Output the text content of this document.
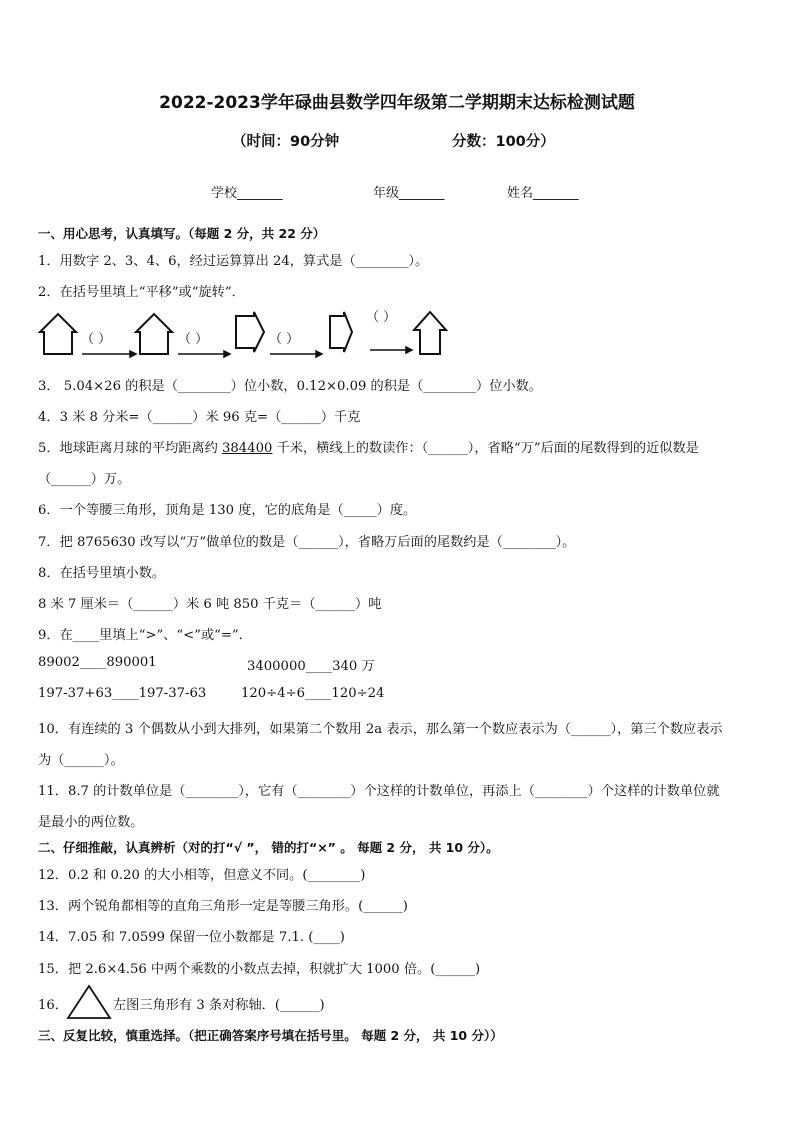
2022-2023学年碌曲县数学四年级第二学期期末达标检测试题
（时间：90分钟	分数：100分）
学校_______	年级_______	姓名_______
一、用心思考，认真填写。（每题 2 分，共 22 分）
1．用数字 2、3、4、6，经过运算算出 24，算式是（________）。
2．在括号里填上“平移”或“旋转”．
（ ）	（ ）	（ ）
（ ）
3． 5.04×26 的积是（________）位小数，0.12×0.09 的积是（________）位小数。
4．3 米 8 分米=（______）米 96 克=（______）千克
5．地球距离月球的平均距离约 384400 千米，横线上的数读作：（______），省略“万”后面的尾数得到的近似数是
（______）万。
6．一个等腰三角形，顶角是 130 度，它的底角是（_____）度。
7．把 8765630 改写以“万”做单位的数是（______），省略万后面的尾数约是（________）。
8．在括号里填小数。
8 米 7 厘米＝（______）米 6 吨 850 千克＝（______）吨
9．在____里填上“>”、“<”或“=”．
89002____890001	3400000____340 万
197-37+63____197-37-63	120÷4÷6____120÷24
10．有连续的 3 个偶数从小到大排列，如果第二个数用 2a 表示，那么第一个数应表示为（______），第三个数应表示
为（______）。
11．8.7 的计数单位是（________），它有（________）个这样的计数单位，再添上（________）个这样的计数单位就
是最小的两位数。
二、仔细推敲，认真辨析（对的打“√ ”， 错的打“×” 。 每题 2 分， 共 10 分）。
12．0.2 和 0.20 的大小相等，但意义不同。(________)
13．两个锐角都相等的直角三角形一定是等腰三角形。(______)
14．7.05 和 7.0599 保留一位小数都是 7.1. (____)
15．把 2.6×4.56 中两个乘数的小数点去掉，积就扩大 1000 倍。(______)
16．	左图三角形有 3 条对称轴．(______)
三、反复比较，慎重选择。（把正确答案序号填在括号里。 每题 2 分， 共 10 分））
